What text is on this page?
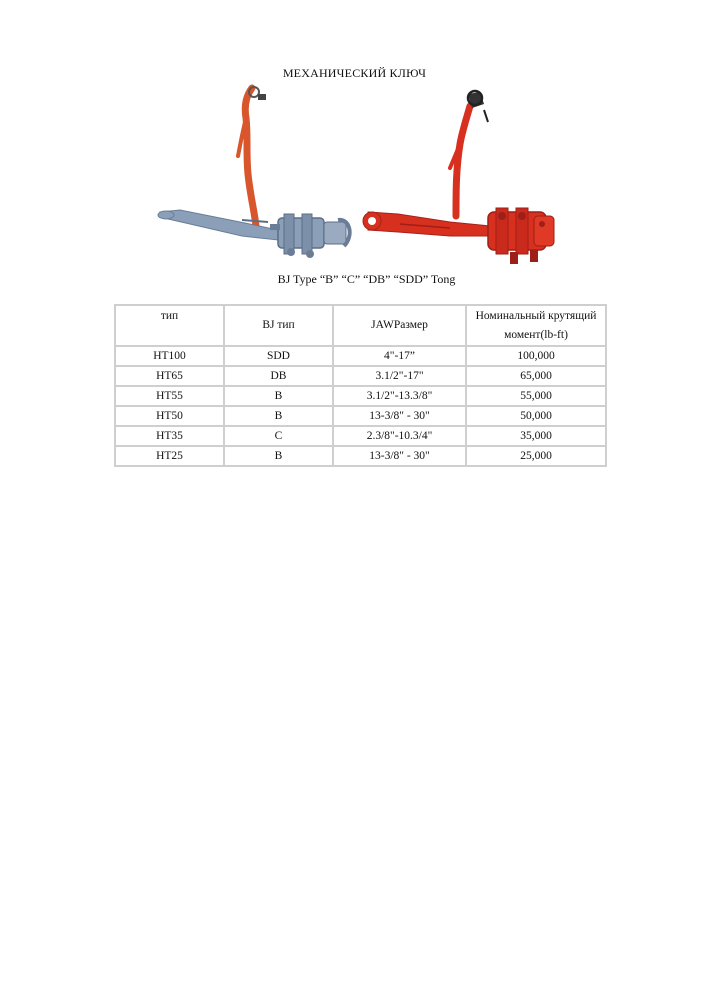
МЕХАНИЧЕСКИЙ КЛЮЧ
BJ Type “B” “C” “DB” “SDD” Tong
тип	BJ тип	JAWРазмер	Номинальный крутящий
момент(lb-ft)
HT100	SDD	4"-17”	100,000
HT65	DB	3.1/2"-17"	65,000
HT55	B	3.1/2"-13.3/8"	55,000
HT50	B	13-3/8" - 30"	50,000
HT35	C	2.3/8"-10.3/4"	35,000
HT25	B	13-3/8" - 30"	25,000
